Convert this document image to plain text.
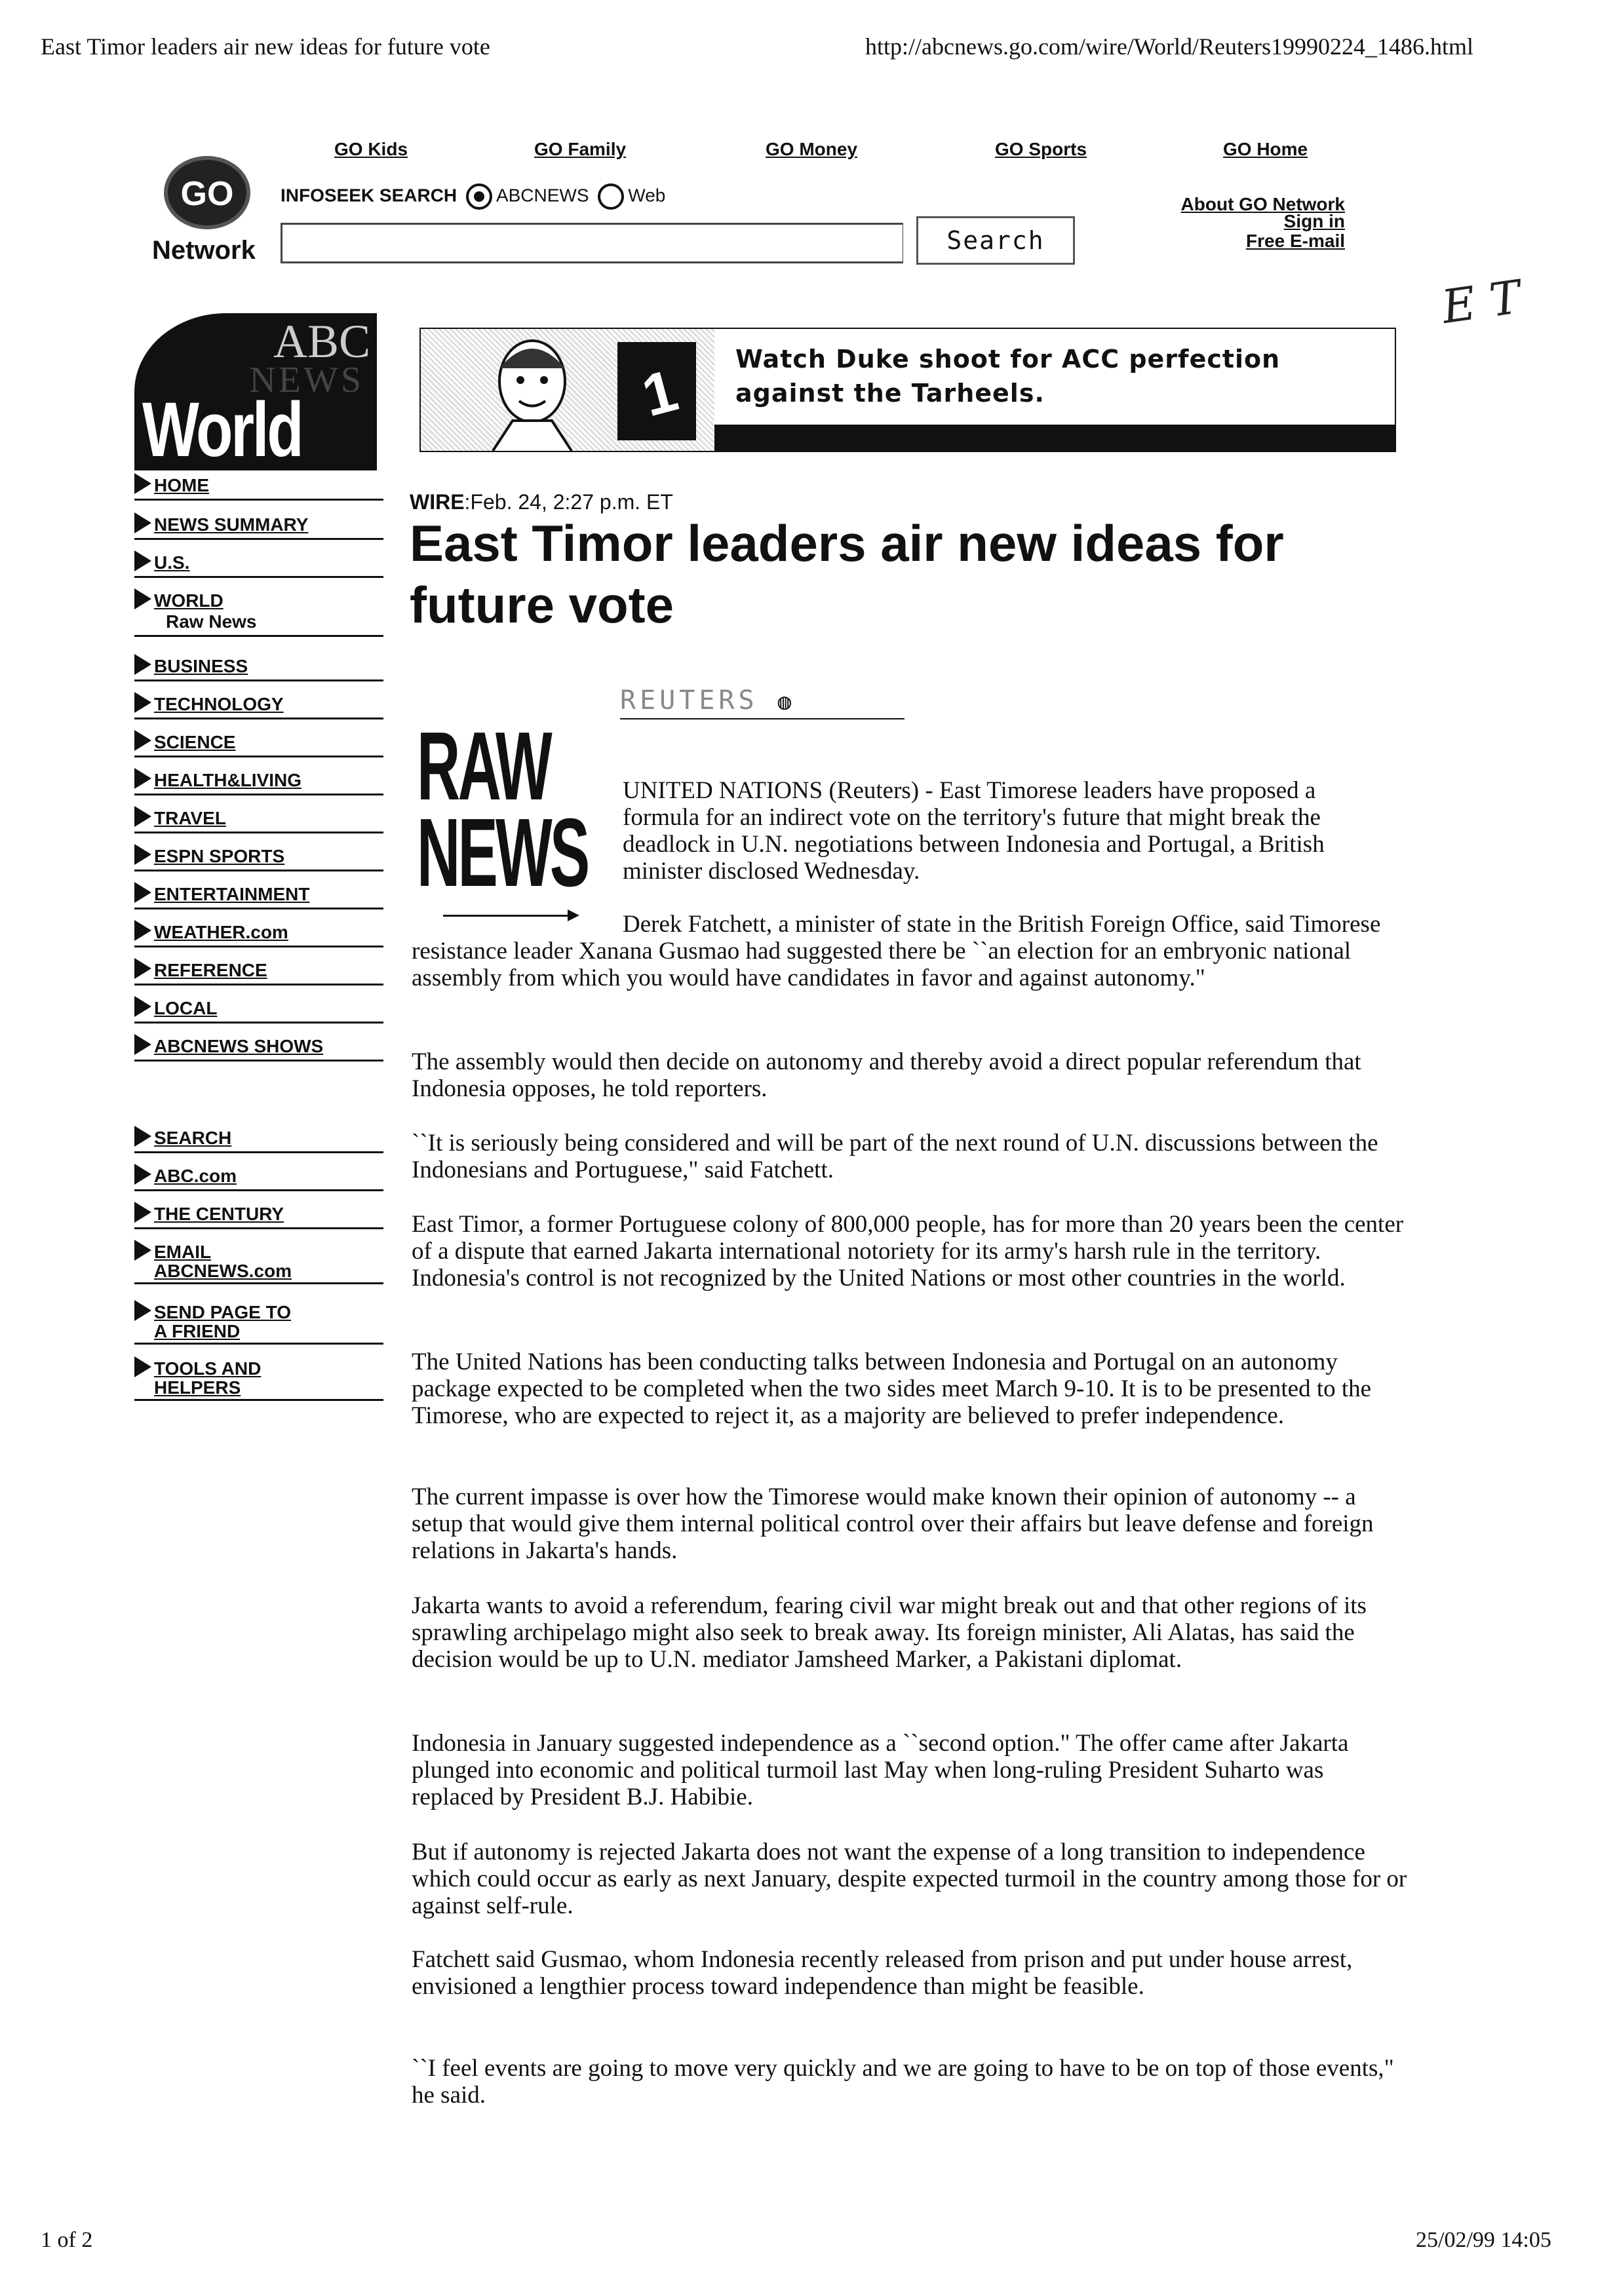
East Timor leaders air new ideas for future vote	http://abcnews.go.com/wire/World/Reuters19990224_1486.html
GO
Network
GO Kids	GO Family	GO Money	GO Sports	GO Home
INFOSEEK SEARCH ABCNEWS Web
Search
About GO Network
Sign in
Free E-mail
E T
ABC
NEWS
World	1 Watch Duke shoot for ACC perfection
against the Tarheels.
HOME
NEWS SUMMARY
U.S.
WORLD
Raw News
BUSINESS
TECHNOLOGY
SCIENCE
HEALTH&LIVING
TRAVEL
ESPN SPORTS
ENTERTAINMENT
WEATHER.com
REFERENCE
LOCAL
ABCNEWS SHOWS
SEARCH
ABC.com
THE CENTURY
EMAIL
ABCNEWS.com
SEND PAGE TO
A FRIEND
TOOLS AND
HELPERS
WIRE:Feb. 24, 2:27 p.m. ET
East Timor leaders air new ideas for future vote
REUTERS ◍
RAW
NEWS

UNITED NATIONS (Reuters) - East Timorese leaders have proposed a formula for an indirect vote on the territory's future that might break the deadlock in U.N. negotiations between Indonesia and Portugal, a British minister disclosed Wednesday.

Derek Fatchett, a minister of state in the British Foreign Office, said Timorese resistance leader Xanana Gusmao had suggested there be ``an election for an embryonic national assembly from which you would have candidates in favor and against autonomy."

The assembly would then decide on autonomy and thereby avoid a direct popular referendum that Indonesia opposes, he told reporters.

``It is seriously being considered and will be part of the next round of U.N. discussions between the Indonesians and Portuguese," said Fatchett.

East Timor, a former Portuguese colony of 800,000 people, has for more than 20 years been the center of a dispute that earned Jakarta international notoriety for its army's harsh rule in the territory. Indonesia's control is not recognized by the United Nations or most other countries in the world.

The United Nations has been conducting talks between Indonesia and Portugal on an autonomy package expected to be completed when the two sides meet March 9-10. It is to be presented to the Timorese, who are expected to reject it, as a majority are believed to prefer independence.

The current impasse is over how the Timorese would make known their opinion of autonomy -- a setup that would give them internal political control over their affairs but leave defense and foreign relations in Jakarta's hands.

Jakarta wants to avoid a referendum, fearing civil war might break out and that other regions of its sprawling archipelago might also seek to break away. Its foreign minister, Ali Alatas, has said the decision would be up to U.N. mediator Jamsheed Marker, a Pakistani diplomat.

Indonesia in January suggested independence as a ``second option." The offer came after Jakarta plunged into economic and political turmoil last May when long-ruling President Suharto was replaced by President B.J. Habibie.

But if autonomy is rejected Jakarta does not want the expense of a long transition to independence which could occur as early as next January, despite expected turmoil in the country among those for or against self-rule.

Fatchett said Gusmao, whom Indonesia recently released from prison and put under house arrest, envisioned a lengthier process toward independence than might be feasible.

``I feel events are going to move very quickly and we are going to have to be on top of those events," he said.

1 of 2	25/02/99 14:05
